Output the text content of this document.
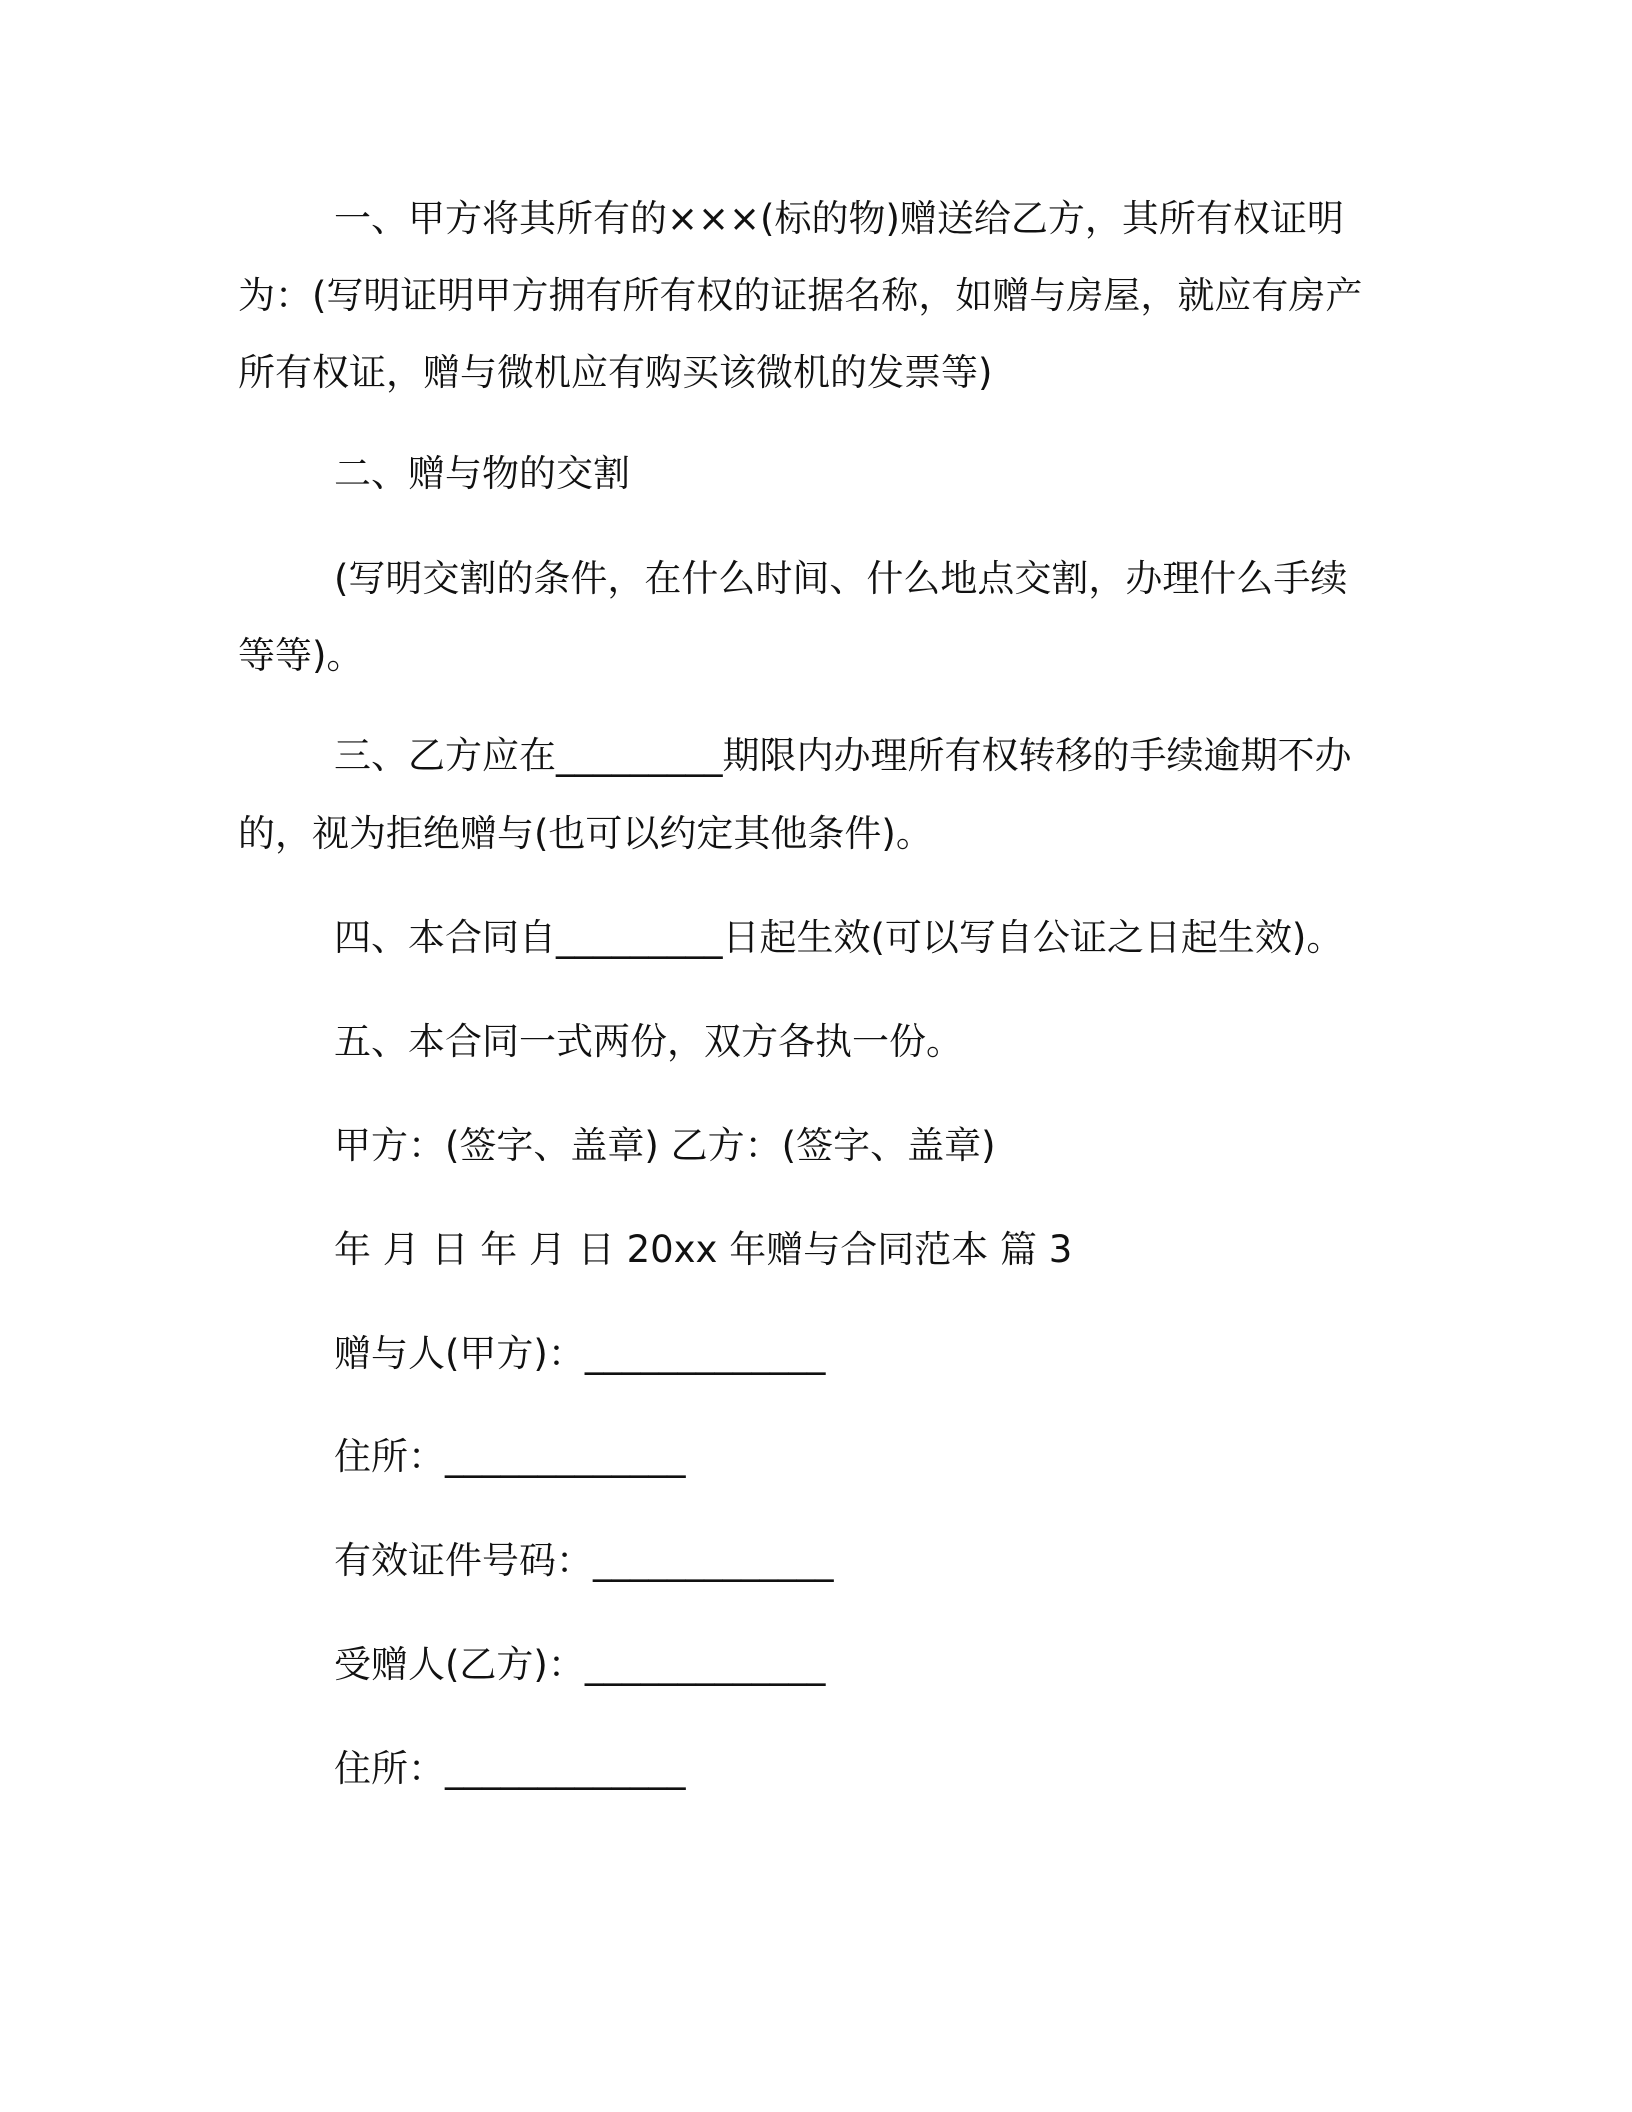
一、甲方将其所有的×××(标的物)赠送给乙方，其所有权证明
为：(写明证明甲方拥有所有权的证据名称，如赠与房屋，就应有房产
所有权证，赠与微机应有购买该微机的发票等)
二、赠与物的交割
(写明交割的条件，在什么时间、什么地点交割，办理什么手续
等等)。
三、乙方应在_________期限内办理所有权转移的手续逾期不办
的，视为拒绝赠与(也可以约定其他条件)。
四、本合同自_________日起生效(可以写自公证之日起生效)。
五、本合同一式两份，双方各执一份。
甲方：(签字、盖章) 乙方：(签字、盖章)
年 月 日 年 月 日 20xx 年赠与合同范本 篇 3
赠与人(甲方)：_____________
住所：_____________
有效证件号码：_____________
受赠人(乙方)：_____________
住所：_____________
